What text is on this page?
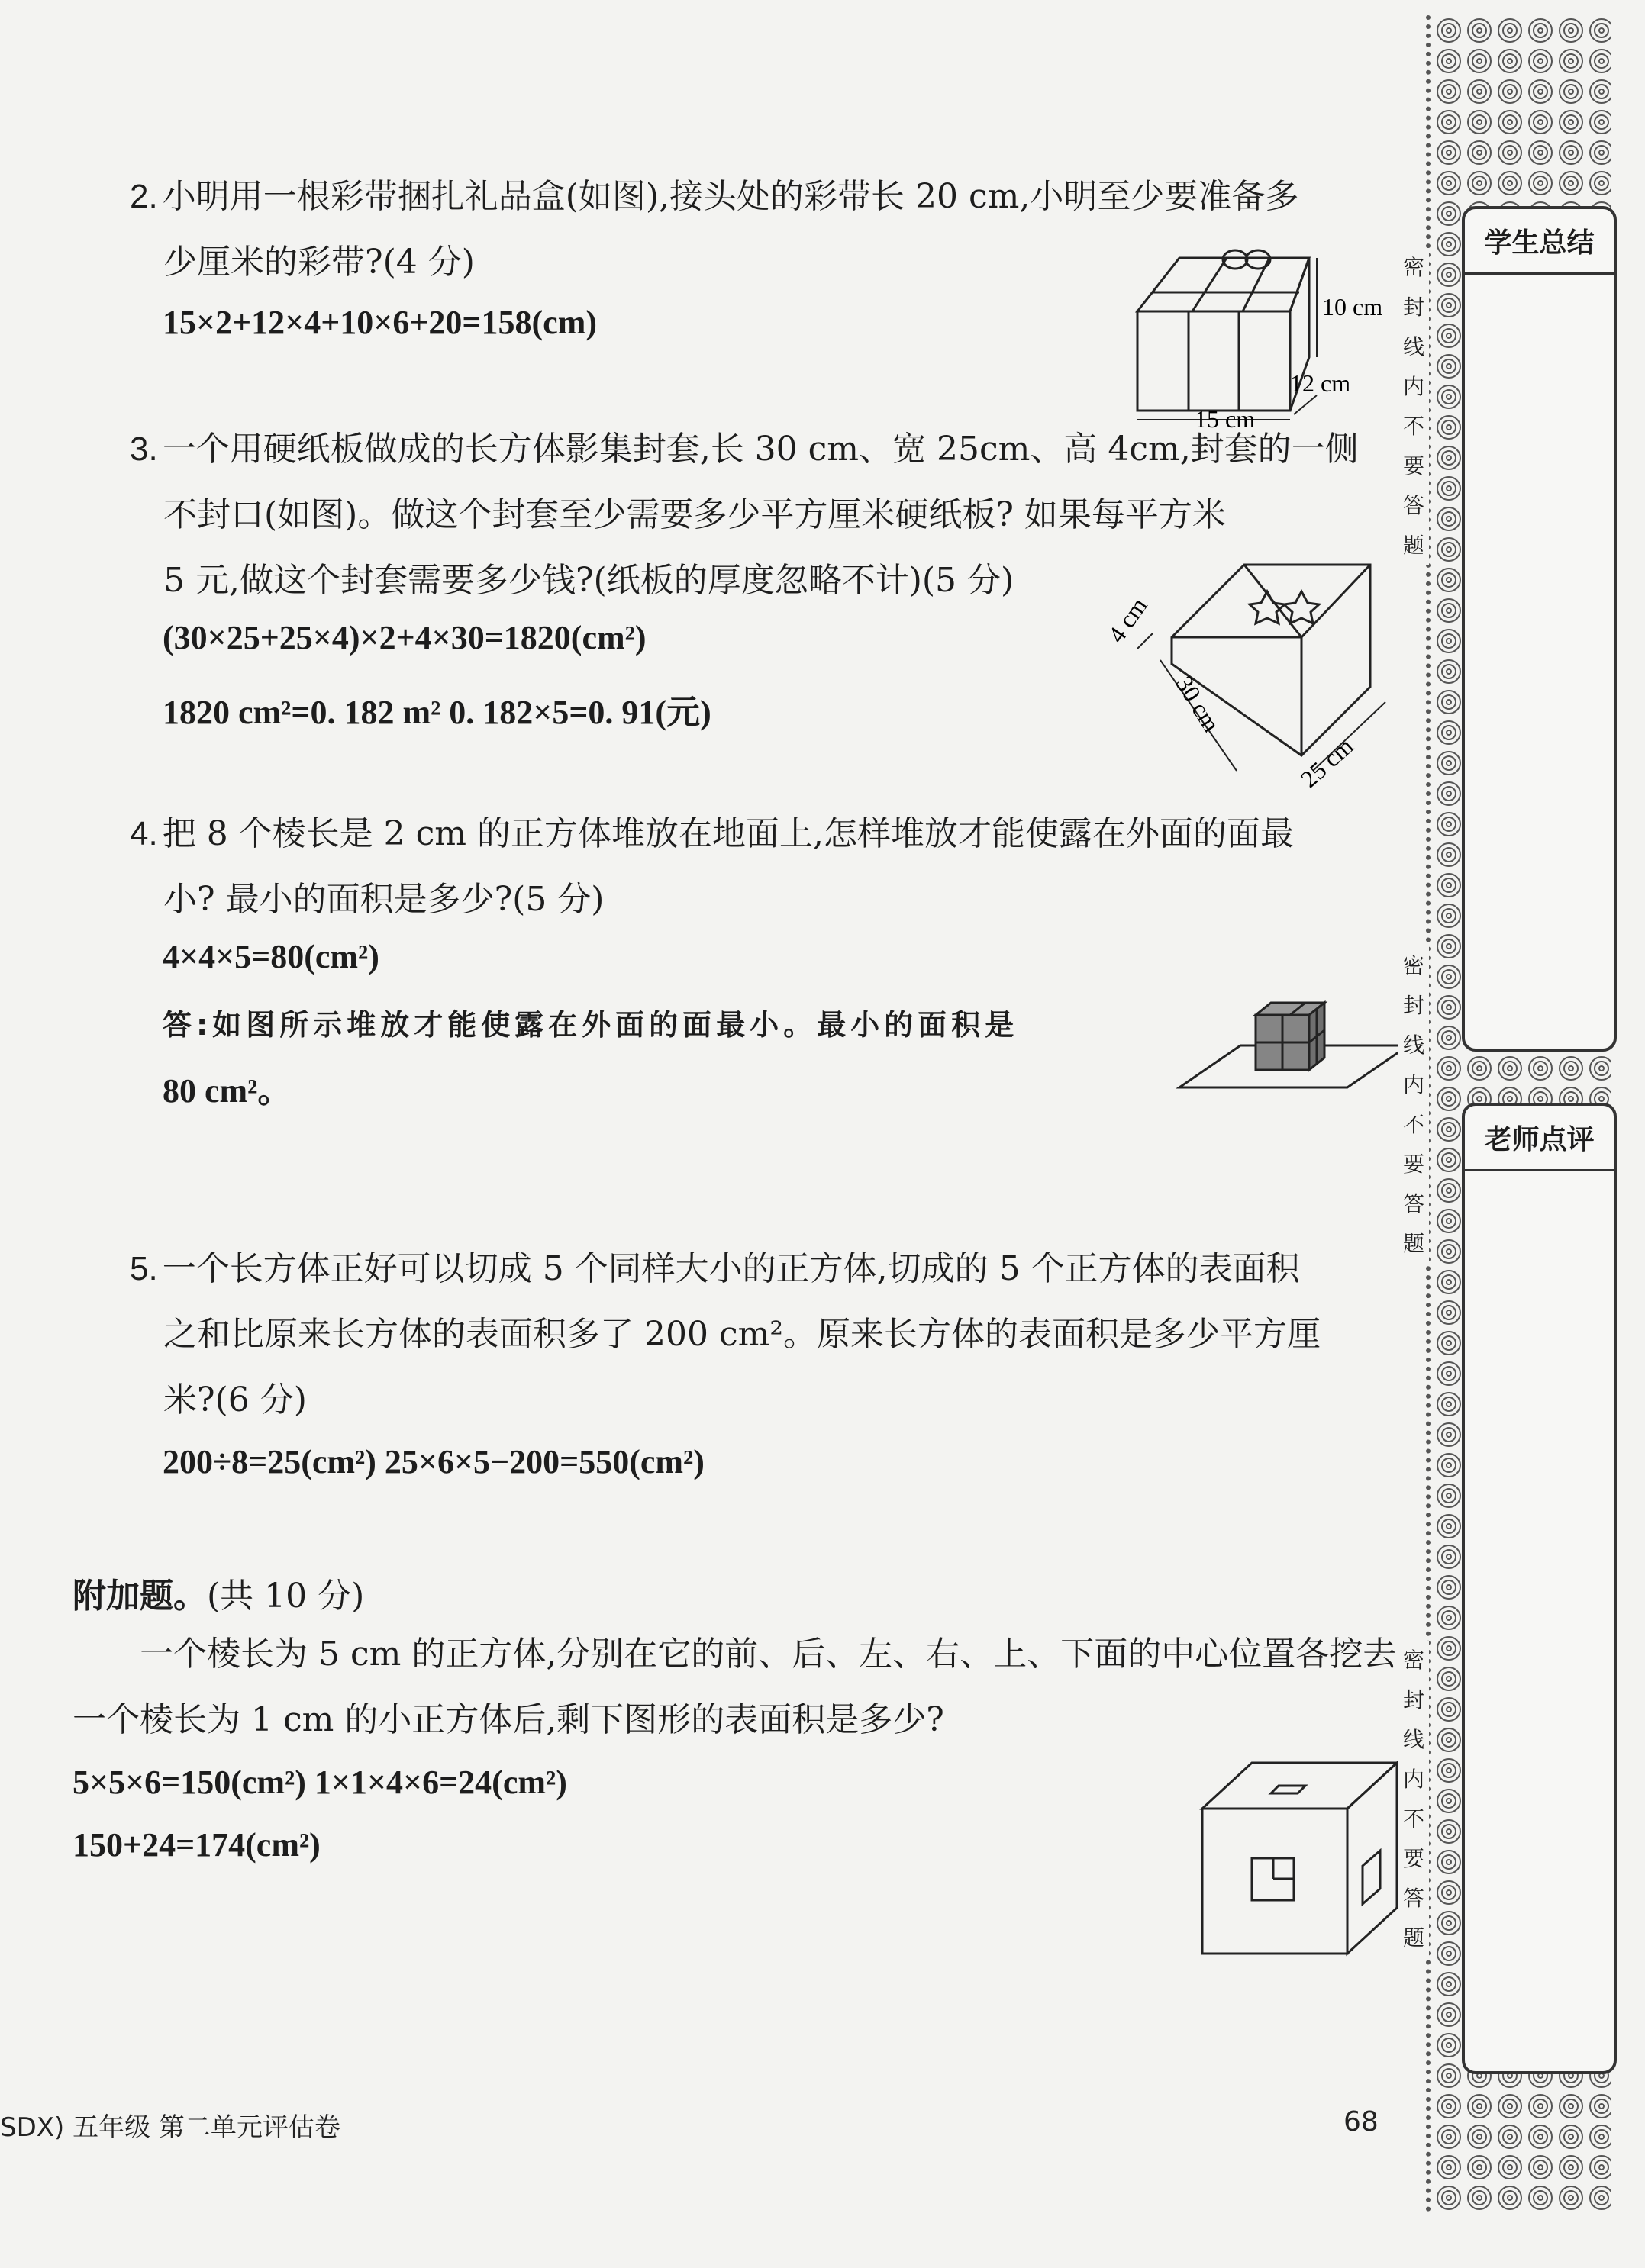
2. 小明用一根彩带捆扎礼品盒(如图),接头处的彩带长 20 cm,小明至少要准备多
少厘米的彩带?(4 分)
15×2+12×4+10×6+20=158(cm)	10 cm
12 cm
15 cm
3. 一个用硬纸板做成的长方体影集封套,长 30 cm、宽 25cm、高 4cm,封套的一侧
不封口(如图)。做这个封套至少需要多少平方厘米硬纸板? 如果每平方米
5 元,做这个封套需要多少钱?(纸板的厚度忽略不计)(5 分)
(30×25+25×4)×2+4×30=1820(cm²)
1820 cm²=0. 182 m² 0. 182×5=0. 91(元)
4 cm
30 cm
25 cm
4. 把 8 个棱长是 2 cm 的正方体堆放在地面上,怎样堆放才能使露在外面的面最
小? 最小的面积是多少?(5 分)
4×4×5=80(cm²)
答:如图所示堆放才能使露在外面的面最小。最小的面积是
80 cm²。
5. 一个长方体正好可以切成 5 个同样大小的正方体,切成的 5 个正方体的表面积
之和比原来长方体的表面积多了 200 cm²。原来长方体的表面积是多少平方厘
米?(6 分)
200÷8=25(cm²) 25×6×5−200=550(cm²)
附加题。(共 10 分)
一个棱长为 5 cm 的正方体,分别在它的前、后、左、右、上、下面的中心位置各挖去
一个棱长为 1 cm 的小正方体后,剩下图形的表面积是多少?
5×5×6=150(cm²) 1×1×4×6=24(cm²)
150+24=174(cm²)
SDX) 五年级 第二单元评估卷	68
密
封
线
内
不
要
答
题
密
封
线
内
不
要
答
题
密
封
线
内
不
要
答
题
学生总结
老师点评
